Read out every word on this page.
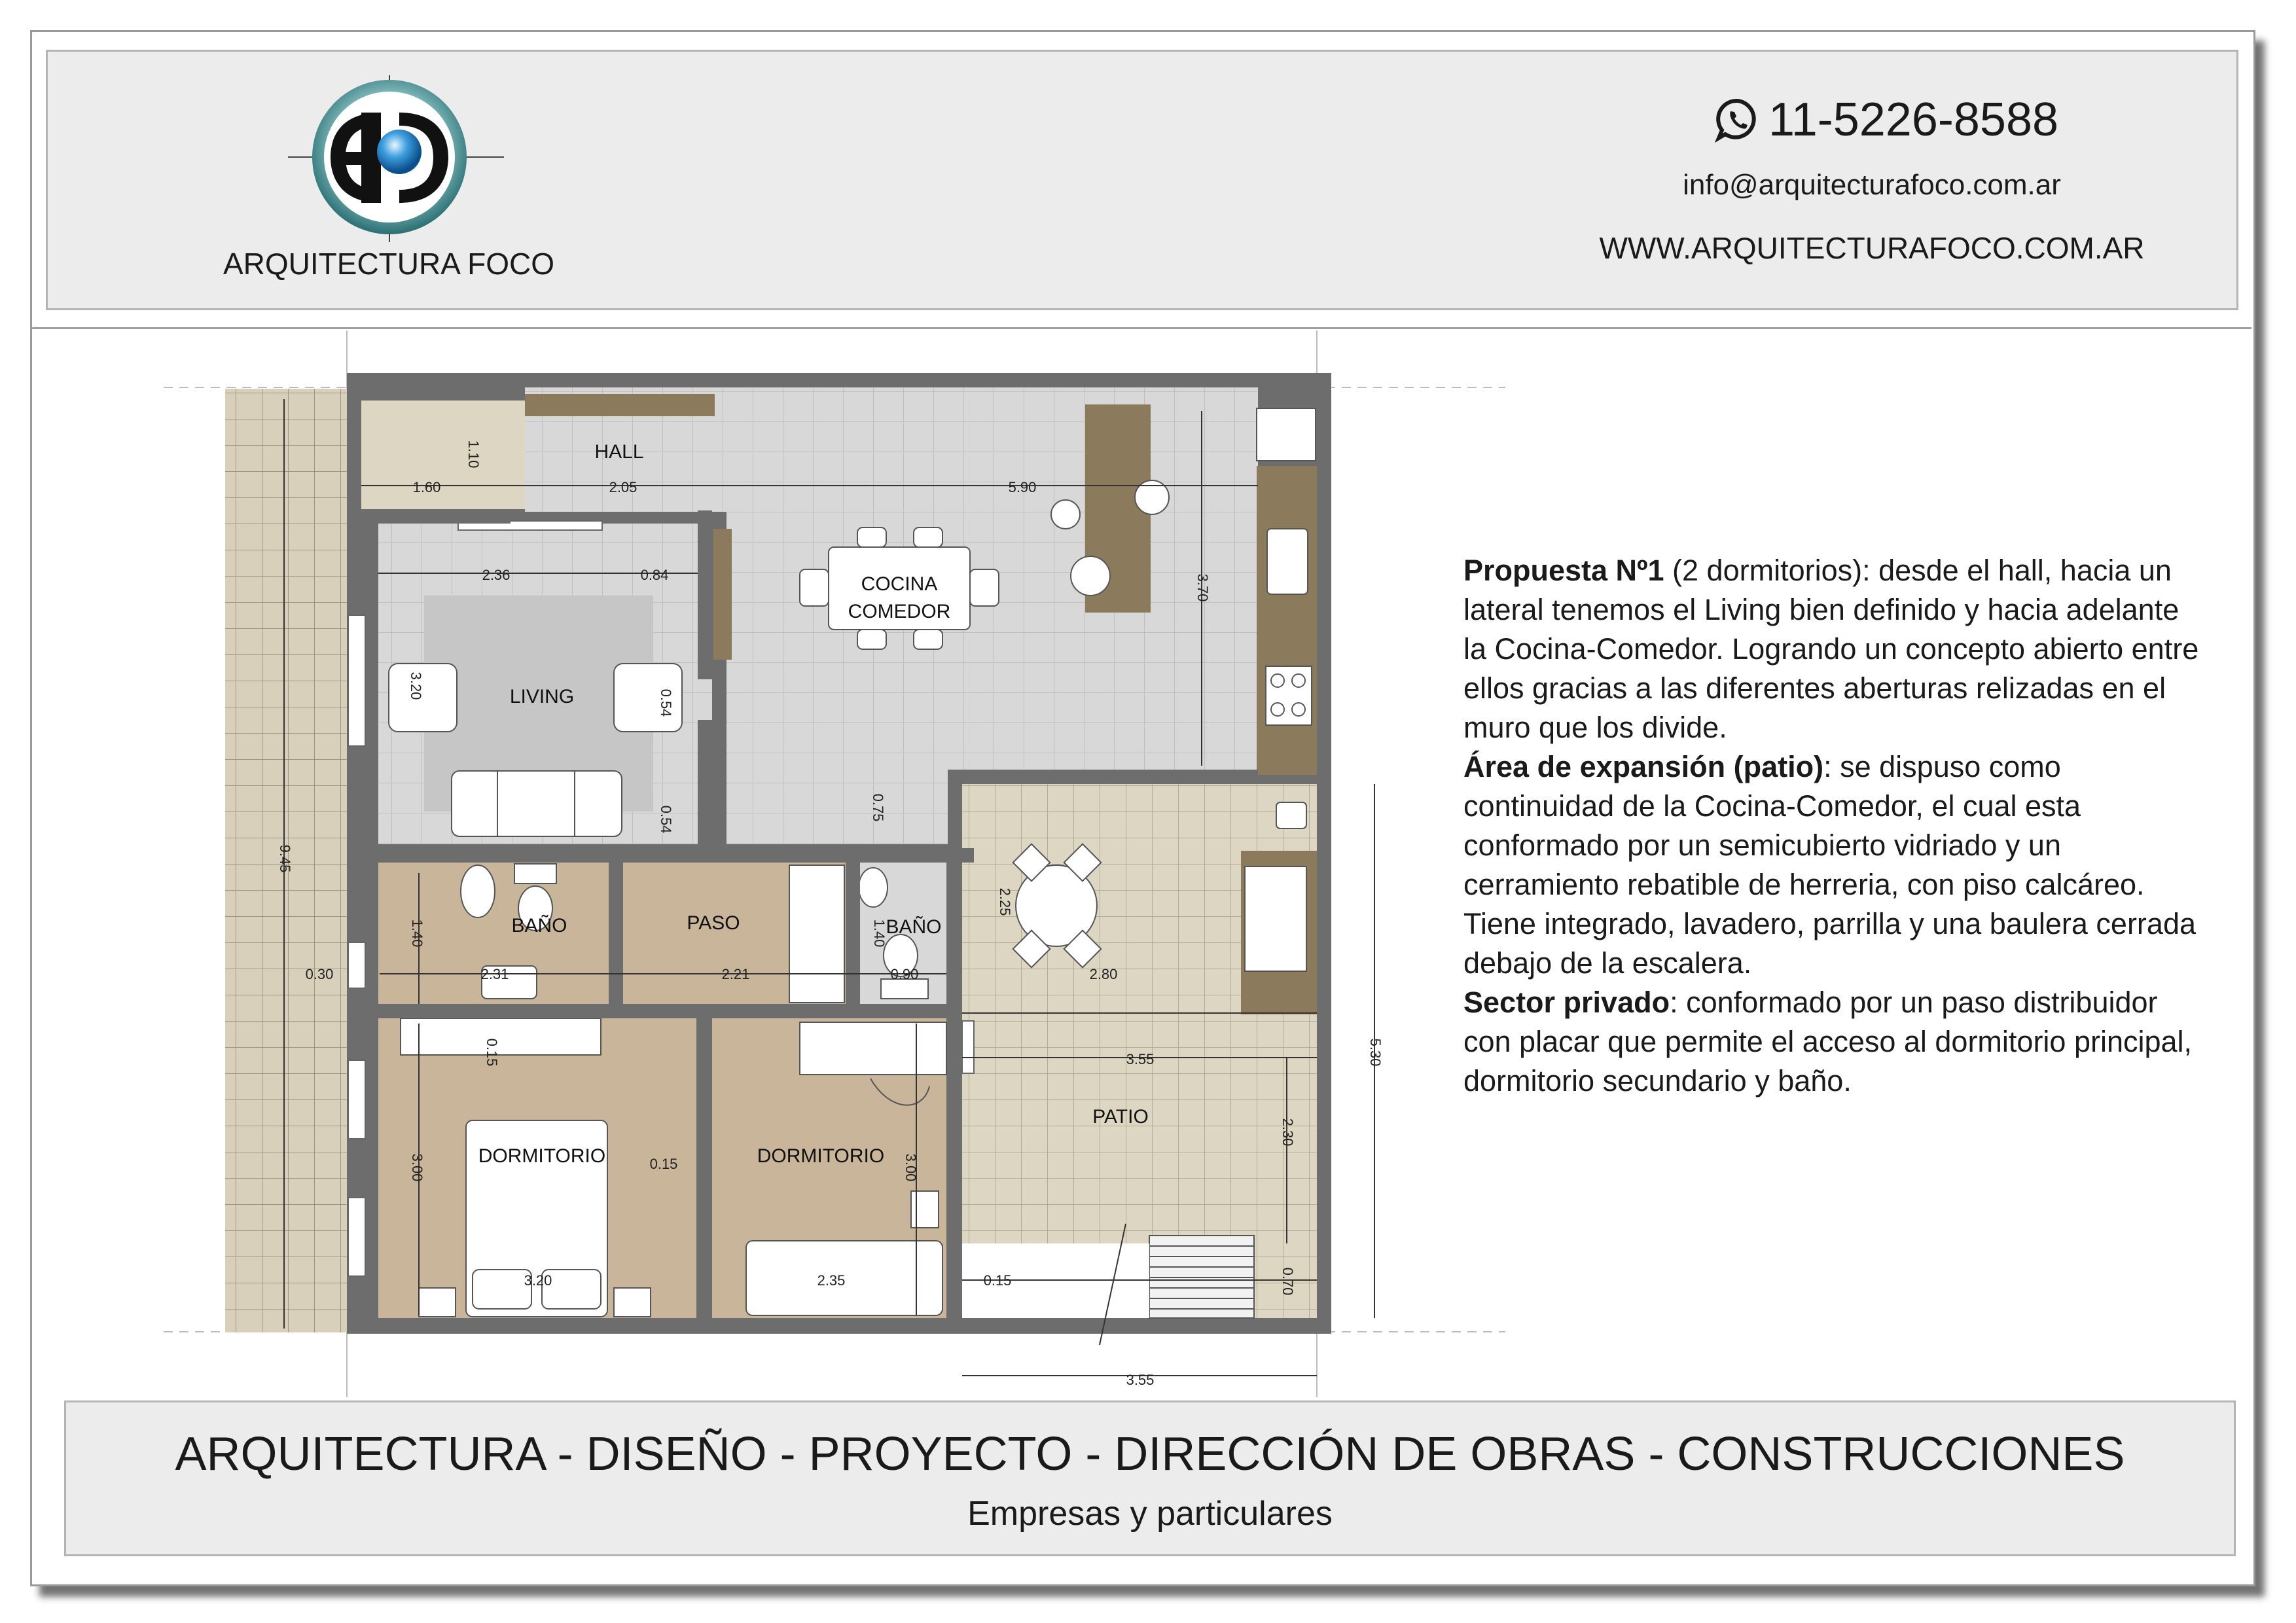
ARQUITECTURA FOCO
11-5226-8588
info@arquitecturafoco.com.ar
WWW.ARQUITECTURAFOCO.COM.AR
HALL
COCINA
COMEDOR
LIVING
BAÑO	PASO	BAÑO
PATIO
DORMITORIO	DORMITORIO
1.10
1.60	2.05	5.90
2.36	0.84	3.70
3.20
0.54
0.54	0.75
9.45
0.30
1.40
2.31	2.21
1.40
0.90
2.25
2.80
3.55	5.30
0.15
2.30
3.00	0.15	3.00
3.20	2.35	0.15	0.70
3.55

Propuesta Nº1 (2 dormitorios): desde el hall, hacia un lateral tenemos el Living bien definido y hacia adelante la Cocina-Comedor. Logrando un concepto abierto entre ellos gracias a las diferentes aberturas relizadas en el muro que los divide.

Área de expansión (patio): se dispuso como continuidad de la Cocina-Comedor, el cual esta conformado por un semicubierto vidriado y un cerramiento rebatible de herreria, con piso calcáreo.

Tiene integrado, lavadero, parrilla y una baulera cerrada debajo de la escalera.

Sector privado: conformado por un paso distribuidor con placar que permite el acceso al dormitorio principal, dormitorio secundario y baño.

ARQUITECTURA - DISEÑO - PROYECTO - DIRECCIÓN DE OBRAS - CONSTRUCCIONES
Empresas y particulares
